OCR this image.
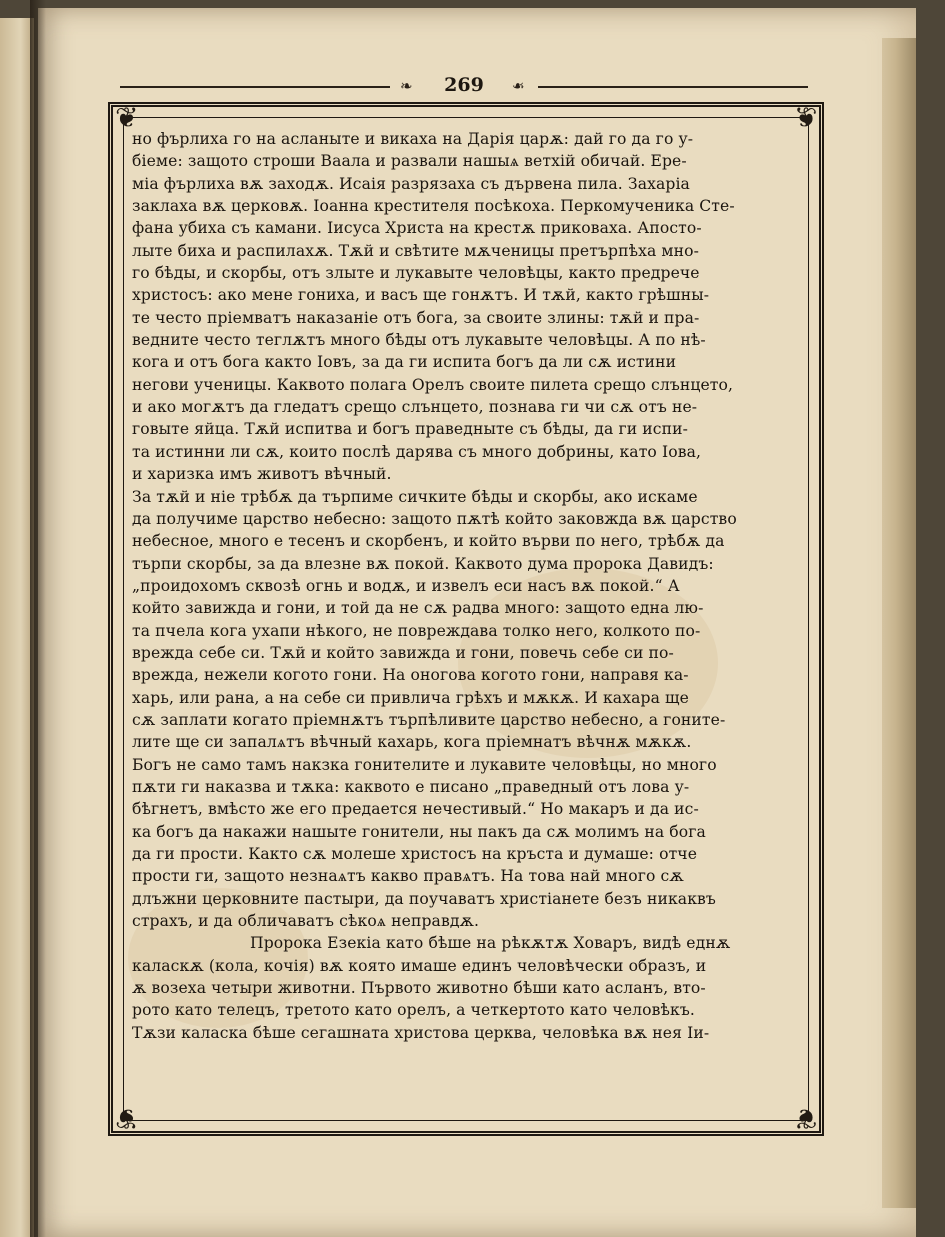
❧	269	❧
❦	❦
❦	❦
но фърлиха го на асланыте и викаха на Дарія царѫ: дай го да го у-
біеме: защото строши Ваала и развали нашыѧ ветхій обичай. Ере-
міа фърлиха вѫ заходѫ. Исаія разрязаха съ дървена пила. Захаріа
заклаха вѫ церковѫ. Іоанна крестителя посѣкоха. Перкомученика Сте-
фана убиха съ камани. Іисуса Христа на крестѫ приковаха. Апосто-
лыте биха и распилахѫ. Тѫй и свѣтите мѫченицы претърпѣха мно-
го бѣды, и скорбы, отъ злыте и лукавыте человѣцы, както предрече
христосъ: ако мене гониха, и васъ ще гонѫтъ. И тѫй, както грѣшны-
те често пріемватъ наказаніе отъ бога, за своите злины: тѫй и пра-
ведните често теглѫтъ много бѣды отъ лукавыте человѣцы. А по нѣ-
кога и отъ бога както Іовъ, за да ги испита богъ да ли сѫ истини
негови ученицы. Каквото полага Орелъ своите пилета срещо слънцето,
и ако могѫтъ да гледатъ срещо слънцето, познава ги чи сѫ отъ не-
говыте яйца. Тѫй испитва и богъ праведныте съ бѣды, да ги испи-
та истинни ли сѫ, които послѣ дарява съ много добрины, като Іова,
и харизка имъ животъ вѣчный.
За тѫй и ніе трѣбѫ да търпиме сичките бѣды и скорбы, ако искаме
да получиме царство небесно: защото пѫтѣ който заковжда вѫ царство
небесное, много е тесенъ и скорбенъ, и който върви по него, трѣбѫ да
търпи скорбы, за да влезне вѫ покой. Каквото дума пророка Давидъ:
„проидохомъ сквозѣ огнь и водѫ, и извелъ еси насъ вѫ покой.“ А
който завижда и гони, и той да не сѫ радва много: защото една лю-
та пчела кога ухапи нѣкого, не повреждава толко него, колкото по-
врежда себе си. Тѫй и който завижда и гони, повечь себе си по-
врежда, нежели когото гони. На оногова когото гони, направя ка-
харь, или рана, а на себе си привлича грѣхъ и мѫкѫ. И кахара ще
сѫ заплати когато пріемнѫтъ търпѣливите царство небесно, а гоните-
лите ще си запалѧтъ вѣчный кахарь, кога пріемнатъ вѣчнѫ мѫкѫ.
Богъ не само тамъ накзка гонителите и лукавите человѣцы, но много
пѫти ги наказва и тѫка: каквото е писано „праведный отъ лова у-
бѣгнетъ, вмѣсто же его предается нечестивый.“ Но макаръ и да ис-
ка богъ да накажи нашыте гонители, ны пакъ да сѫ молимъ на бога
да ги прости. Както сѫ молеше христосъ на кръста и думаше: отче
прости ги, защото незнаѧтъ какво правѧтъ. На това най много сѫ
длъжни церковните пастыри, да поучаватъ христіанете безъ никаквъ
страхъ, и да обличаватъ сѣкоѧ неправдѫ.
Пророка Езекіа като бѣше на рѣкѫтѫ Ховаръ, видѣ еднѫ
каласкѫ (кола, кочія) вѫ която имаше единъ человѣчески образъ, и
ѫ возеха четыри животни. Първото животно бѣши като асланъ, вто-
рото като телецъ, третото като орелъ, а четкертото като человѣкъ.
Тѫзи каласка бѣше сегашната христова церква, человѣка вѫ нея Іи-
